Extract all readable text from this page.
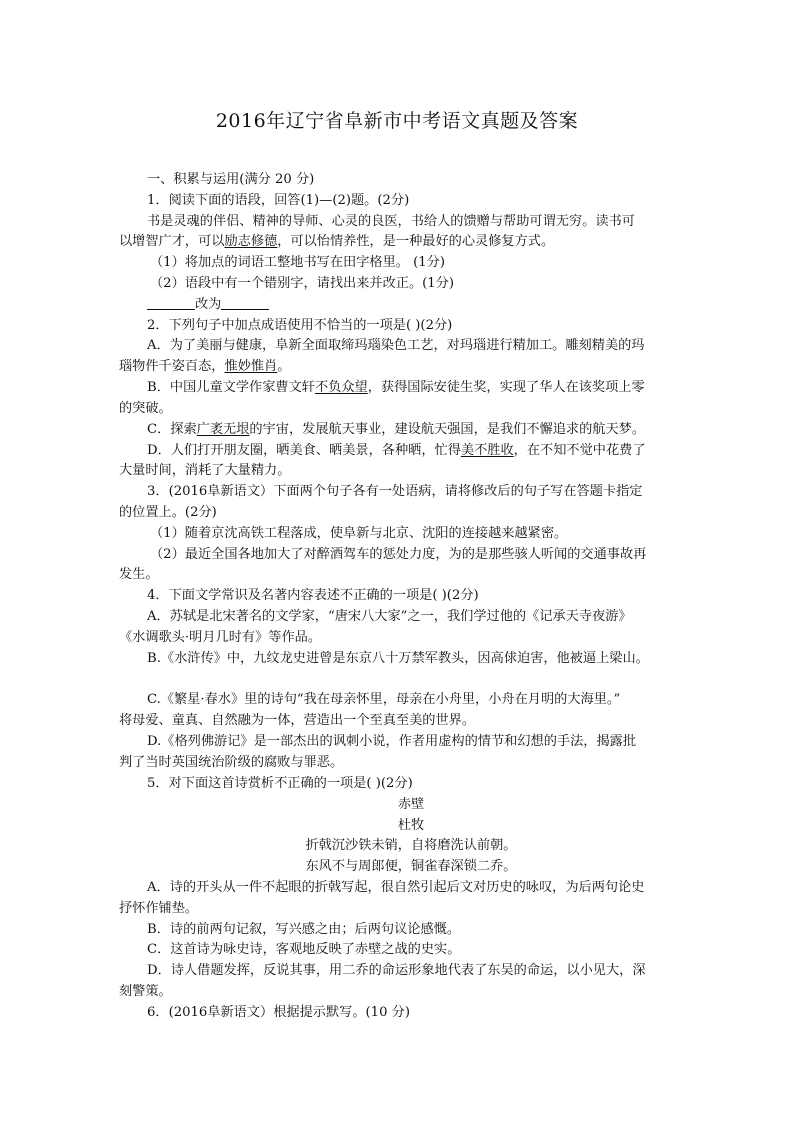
2016年辽宁省阜新市中考语文真题及答案
一、积累与运用(满分 20 分)
1．阅读下面的语段，回答(1)—(2)题。(2分)
书是灵魂的伴侣、精神的导师、心灵的良医，书给人的馈赠与帮助可谓无穷。读书可
以增智广才，可以励志修德，可以怡情养性，是一种最好的心灵修复方式。
（1）将加点的词语工整地书写在田字格里。 (1分)
（2）语段中有一个错别字，请找出来并改正。(1分)
改为
2．下列句子中加点成语使用不恰当的一项是( )(2分)
A．为了美丽与健康，阜新全面取缔玛瑙染色工艺，对玛瑙进行精加工。雕刻精美的玛
瑙物件千姿百态，惟妙惟肖。
B．中国儿童文学作家曹文轩不负众望，获得国际安徒生奖，实现了华人在该奖项上零
的突破。
C．探索广袤无垠的宇宙，发展航天事业，建设航天强国，是我们不懈追求的航天梦。
D．人们打开朋友圈，晒美食、晒美景，各种晒，忙得美不胜收，在不知不觉中花费了
大量时间，消耗了大量精力。
3．(2016阜新语文）下面两个句子各有一处语病，请将修改后的句子写在答题卡指定
的位置上。(2分)
（1）随着京沈高铁工程落成，使阜新与北京、沈阳的连接越来越紧密。
（2）最近全国各地加大了对醉酒驾车的惩处力度，为的是那些骇人听闻的交通事故再
发生。
4．下面文学常识及名著内容表述不正确的一项是( )(2分)
A．苏轼是北宋著名的文学家，“唐宋八大家”之一，我们学过他的《记承天寺夜游》
《水调歌头·明月几时有》等作品。
B.《水浒传》中，九纹龙史进曾是东京八十万禁军教头，因高俅迫害，他被逼上梁山。
C.《繁星·春水》里的诗句“我在母亲怀里，母亲在小舟里，小舟在月明的大海里。”
将母爱、童真、自然融为一体，营造出一个至真至美的世界。
D.《格列佛游记》是一部杰出的讽刺小说，作者用虚构的情节和幻想的手法，揭露批
判了当时英国统治阶级的腐败与罪恶。
5．对下面这首诗赏析不正确的一项是( )(2分)
赤壁
杜牧
折戟沉沙铁未销，自将磨洗认前朝。
东风不与周郎便，铜雀春深锁二乔。
A．诗的开头从一件不起眼的折戟写起，很自然引起后文对历史的咏叹，为后两句论史
抒怀作铺垫。
B．诗的前两句记叙，写兴感之由；后两句议论感慨。
C．这首诗为咏史诗，客观地反映了赤壁之战的史实。
D．诗人借题发挥，反说其事，用二乔的命运形象地代表了东吴的命运，以小见大，深
刻警策。
6．(2016阜新语文）根据提示默写。(10 分)
